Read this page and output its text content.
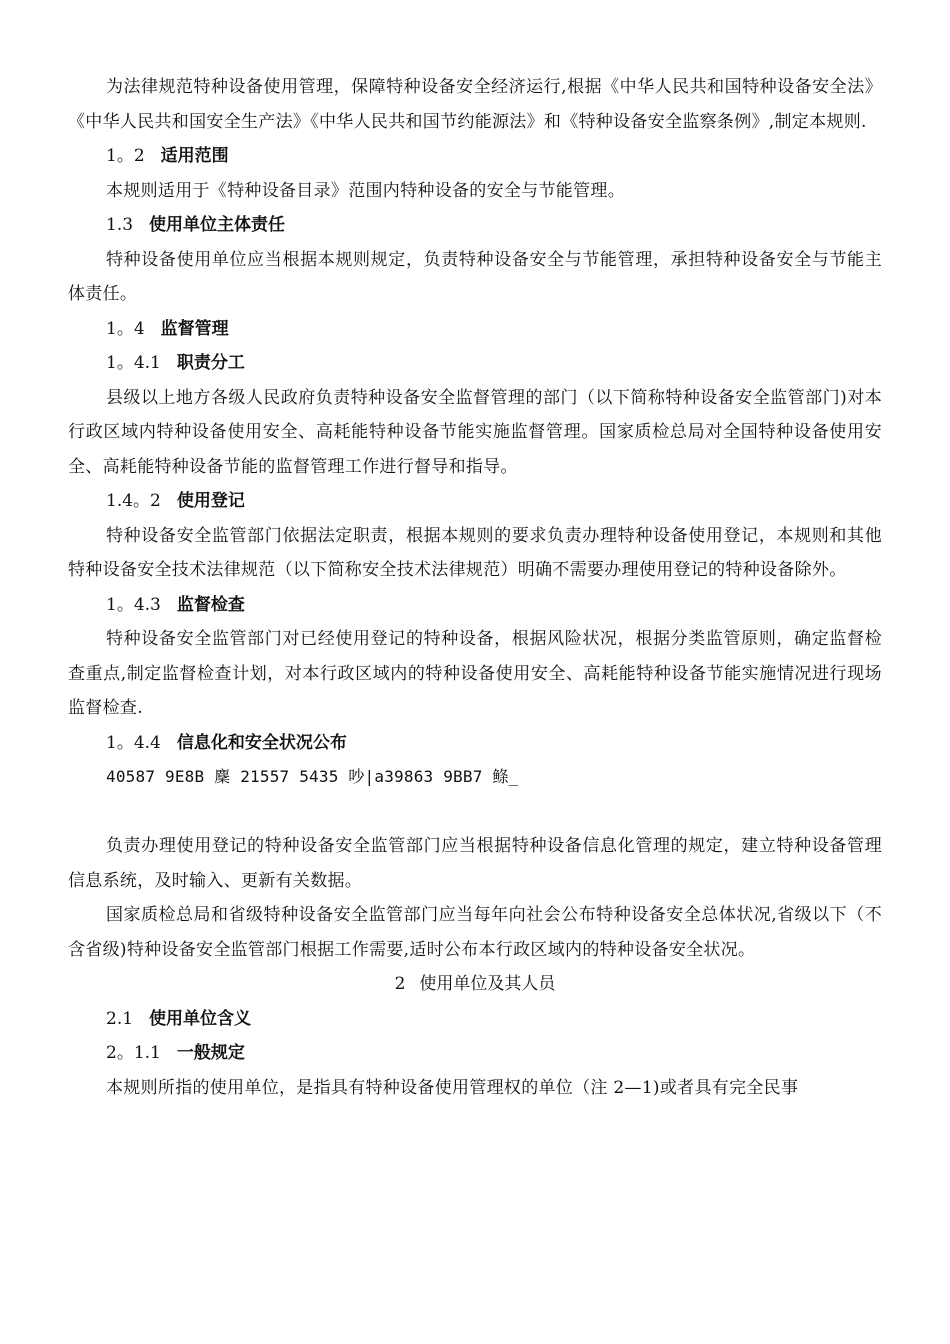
为法律规范特种设备使用管理，保障特种设备安全经济运行,根据《中华人民共和国特种设备安全法》《中华人民共和国安全生产法》《中华人民共和国节约能源法》和《特种设备安全监察条例》,制定本规则.

1。2 适用范围

本规则适用于《特种设备目录》范围内特种设备的安全与节能管理。

1.3 使用单位主体责任

特种设备使用单位应当根据本规则规定，负责特种设备安全与节能管理，承担特种设备安全与节能主体责任。

1。4 监督管理

1。4.1 职责分工

县级以上地方各级人民政府负责特种设备安全监督管理的部门（以下简称特种设备安全监管部门)对本行政区域内特种设备使用安全、高耗能特种设备节能实施监督管理。国家质检总局对全国特种设备使用安全、高耗能特种设备节能的监督管理工作进行督导和指导。

1.4。2 使用登记

特种设备安全监管部门依据法定职责，根据本规则的要求负责办理特种设备使用登记，本规则和其他特种设备安全技术法律规范（以下简称安全技术法律规范）明确不需要办理使用登记的特种设备除外。

1。4.3 监督检查

特种设备安全监管部门对已经使用登记的特种设备，根据风险状况，根据分类监管原则，确定监督检查重点,制定监督检查计划，对本行政区域内的特种设备使用安全、高耗能特种设备节能实施情况进行现场监督检查.

1。4.4 信息化和安全状况公布

40587 9E8B 麇 21557 5435 吵|a39863 9BB7 鲦_

负责办理使用登记的特种设备安全监管部门应当根据特种设备信息化管理的规定，建立特种设备管理信息系统，及时输入、更新有关数据。

国家质检总局和省级特种设备安全监管部门应当每年向社会公布特种设备安全总体状况,省级以下（不含省级)特种设备安全监管部门根据工作需要,适时公布本行政区域内的特种设备安全状况。

2 使用单位及其人员

2.1 使用单位含义

2。1.1 一般规定

本规则所指的使用单位，是指具有特种设备使用管理权的单位（注 2—1)或者具有完全民事
